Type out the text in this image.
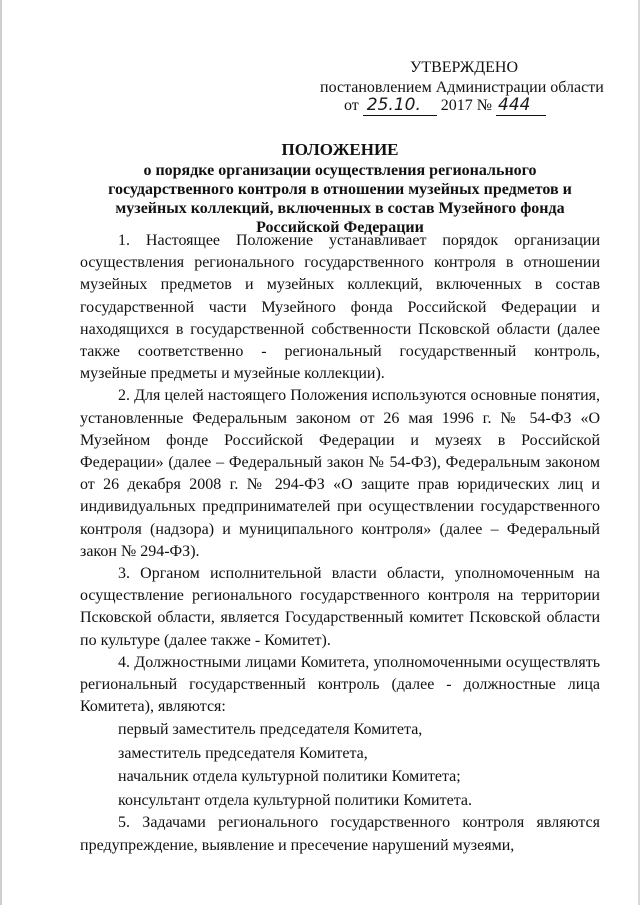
УТВЕРЖДЕНО
постановлением Администрации области
от 25.10. 2017 № 444
ПОЛОЖЕНИЕ
о порядке организации осуществления регионального государственного контроля в отношении музейных предметов и музейных коллекций, включенных в состав Музейного фонда Российской Федерации

1. Настоящее Положение устанавливает порядок организации осуществления регионального государственного контроля в отношении музейных предметов и музейных коллекций, включенных в состав государственной части Музейного фонда Российской Федерации и находящихся в государственной собственности Псковской области (далее также соответственно - региональный государственный контроль, музейные предметы и музейные коллекции).

2. Для целей настоящего Положения используются основные понятия, установленные Федеральным законом от 26 мая 1996 г. № 54-ФЗ «О Музейном фонде Российской Федерации и музеях в Российской Федерации» (далее – Федеральный закон № 54-ФЗ), Федеральным законом от 26 декабря 2008 г. № 294-ФЗ «О защите прав юридических лиц и индивидуальных предпринимателей при осуществлении государственного контроля (надзора) и муниципального контроля» (далее – Федеральный закон № 294-ФЗ).

3. Органом исполнительной власти области, уполномоченным на осуществление регионального государственного контроля на территории Псковской области, является Государственный комитет Псковской области по культуре (далее также - Комитет).

4. Должностными лицами Комитета, уполномоченными осуществлять региональный государственный контроль (далее - должностные лица Комитета), являются:

первый заместитель председателя Комитета,

заместитель председателя Комитета,

начальник отдела культурной политики Комитета;

консультант отдела культурной политики Комитета.

5. Задачами регионального государственного контроля являются предупреждение, выявление и пресечение нарушений музеями,
